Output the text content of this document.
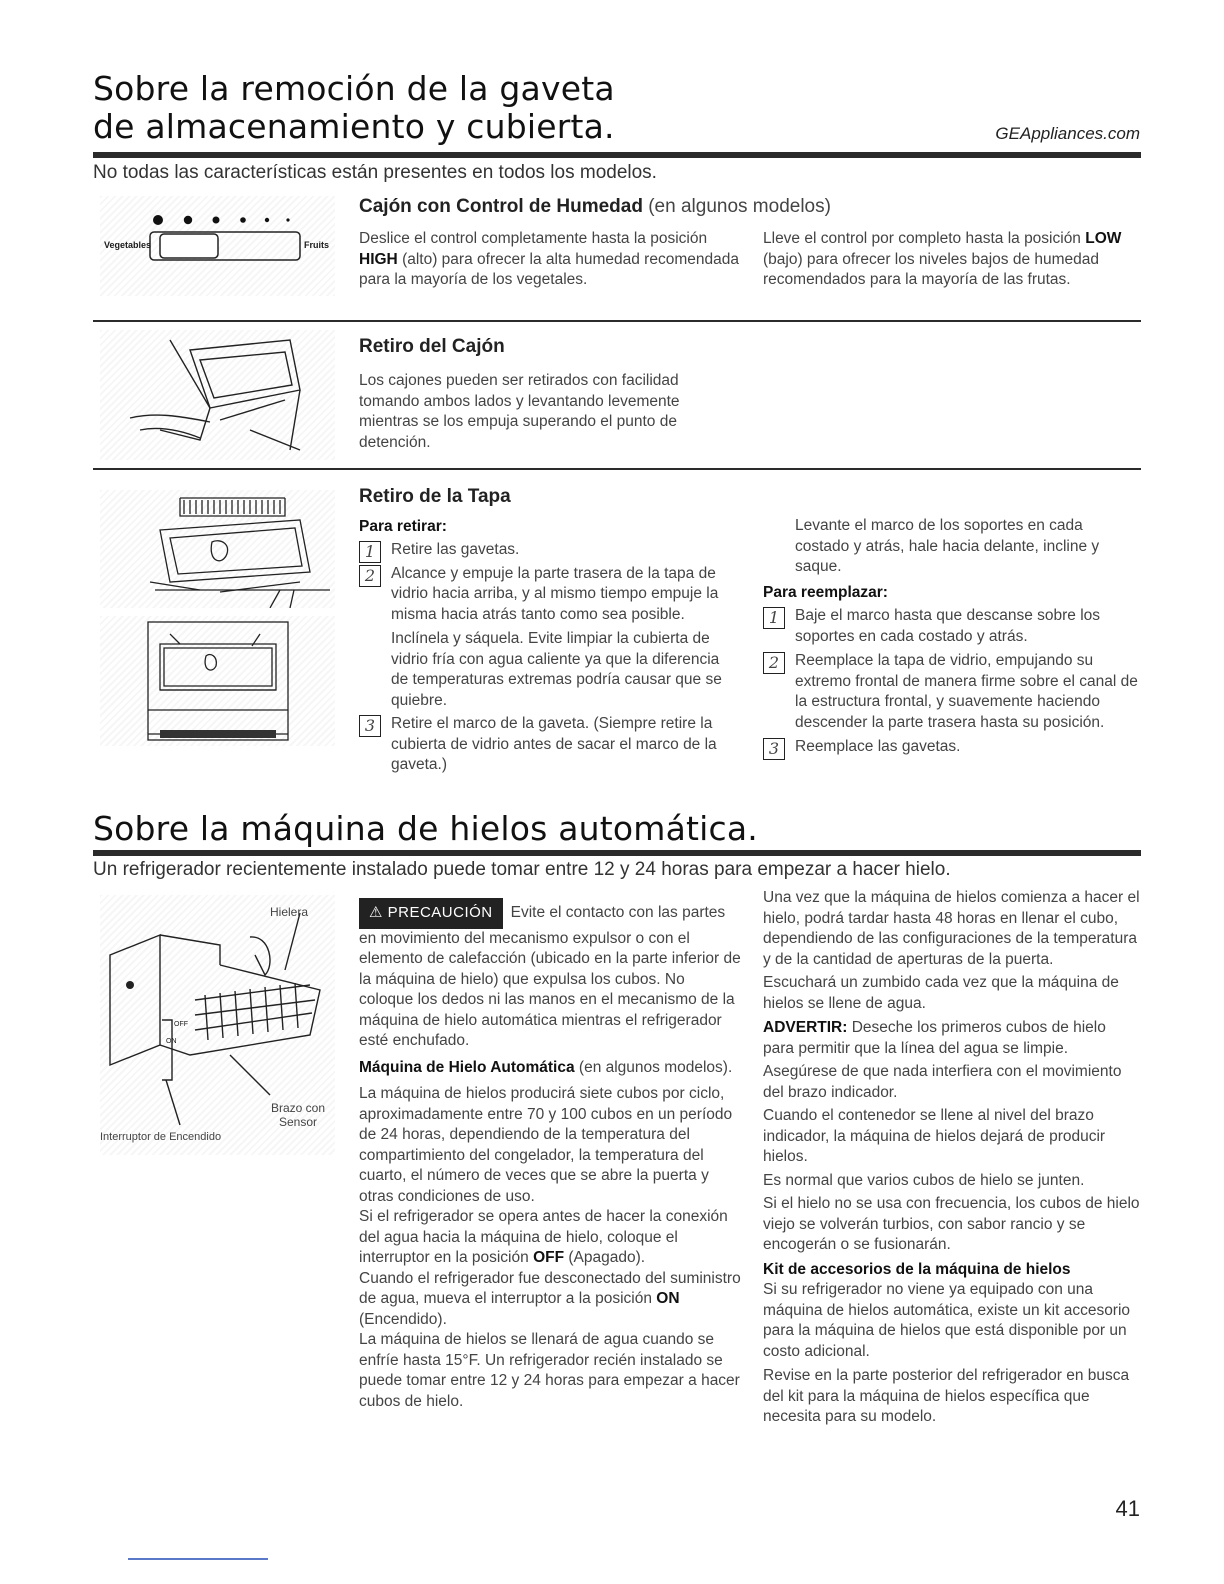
Sobre la remoción de la gaveta
de almacenamiento y cubierta.	GEAppliances.com
No todas las características están presentes en todos los modelos.
Vegetables	Fruits
Cajón con Control de Humedad (en algunos modelos)
Deslice el control completamente hasta la posición HIGH (alto) para ofrecer la alta humedad recomendada para la mayoría de los vegetales.
Lleve el control por completo hasta la posición LOW (bajo) para ofrecer los niveles bajos de humedad recomendados para la mayoría de las frutas.
Retiro del Cajón
Los cajones pueden ser retirados con facilidad tomando ambos lados y levantando levemente mientras se los empuja superando el punto de detención.
Retiro de la Tapa
Para retirar:
1	Retire las gavetas.
2	Alcance y empuje la parte trasera de la tapa de vidrio hacia arriba, y al mismo tiempo empuje la misma hacia atrás tanto como sea posible.
Inclínela y sáquela. Evite limpiar la cubierta de vidrio fría con agua caliente ya que la diferencia de temperaturas extremas podría causar que se quiebre.
3	Retire el marco de la gaveta. (Siempre retire la cubierta de vidrio antes de sacar el marco de la gaveta.)
Levante el marco de los soportes en cada costado y atrás, hale hacia delante, incline y saque.
Para reemplazar:
1	Baje el marco hasta que descanse sobre los soportes en cada costado y atrás.
2	Reemplace la tapa de vidrio, empujando su extremo frontal de manera firme sobre el canal de la estructura frontal, y suavemente haciendo descender la parte trasera hasta su posición.
3	Reemplace las gavetas.
Sobre la máquina de hielos automática.
Un refrigerador recientemente instalado puede tomar entre 12 y 24 horas para empezar a hacer hielo.
Hielera
ON
OFF
Brazo con Sensor
Interruptor de Encendido
⚠ PRECAUCIÓN Evite el contacto con las partes en movimiento del mecanismo expulsor o con el elemento de calefacción (ubicado en la parte inferior de la máquina de hielo) que expulsa los cubos. No coloque los dedos ni las manos en el mecanismo de la máquina de hielo automática mientras el refrigerador esté enchufado.
Máquina de Hielo Automática (en algunos modelos).
La máquina de hielos producirá siete cubos por ciclo, aproximadamente entre 70 y 100 cubos en un período de 24 horas, dependiendo de la temperatura del compartimiento del congelador, la temperatura del cuarto, el número de veces que se abre la puerta y otras condiciones de uso.
Si el refrigerador se opera antes de hacer la conexión del agua hacia la máquina de hielo, coloque el interruptor en la posición OFF (Apagado).
Cuando el refrigerador fue desconectado del suministro de agua, mueva el interruptor a la posición ON (Encendido).
La máquina de hielos se llenará de agua cuando se enfríe hasta 15°F. Un refrigerador recién instalado se puede tomar entre 12 y 24 horas para empezar a hacer cubos de hielo.
Una vez que la máquina de hielos comienza a hacer el hielo, podrá tardar hasta 48 horas en llenar el cubo, dependiendo de las configuraciones de la temperatura y de la cantidad de aperturas de la puerta.
Escuchará un zumbido cada vez que la máquina de hielos se llene de agua.
ADVERTIR: Deseche los primeros cubos de hielo para permitir que la línea del agua se limpie.
Asegúrese de que nada interfiera con el movimiento del brazo indicador.
Cuando el contenedor se llene al nivel del brazo indicador, la máquina de hielos dejará de producir hielos.
Es normal que varios cubos de hielo se junten.
Si el hielo no se usa con frecuencia, los cubos de hielo viejo se volverán turbios, con sabor rancio y se encogerán o se fusionarán.
Kit de accesorios de la máquina de hielos
Si su refrigerador no viene ya equipado con una máquina de hielos automática, existe un kit accesorio para la máquina de hielos que está disponible por un costo adicional.
Revise en la parte posterior del refrigerador en busca del kit para la máquina de hielos específica que necesita para su modelo.
41
